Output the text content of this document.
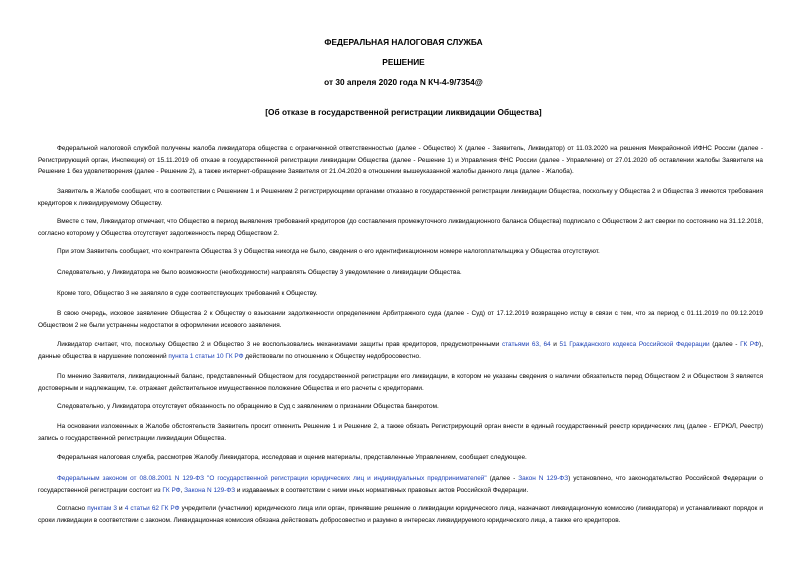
ФЕДЕРАЛЬНАЯ НАЛОГОВАЯ СЛУЖБА
РЕШЕНИЕ
от 30 апреля 2020 года N КЧ-4-9/7354@
[Об отказе в государственной регистрации ликвидации Общества]
Федеральной налоговой службой получены жалоба ликвидатора общества с ограниченной ответственностью (далее - Общество) Х (далее - Заявитель, Ликвидатор) от 11.03.2020 на решения Межрайонной ИФНС России (далее - Регистрирующий орган, Инспекция) от 15.11.2019 об отказе в государственной регистрации ликвидации Общества (далее - Решение 1) и Управления ФНС России (далее - Управление) от 27.01.2020 об оставлении жалобы Заявителя на Решение 1 без удовлетворения (далее - Решение 2), а также интернет-обращение Заявителя от 21.04.2020 в отношении вышеуказанной жалобы данного лица (далее - Жалоба).
Заявитель в Жалобе сообщает, что в соответствии с Решением 1 и Решением 2 регистрирующими органами отказано в государственной регистрации ликвидации Общества, поскольку у Общества 2 и Общества 3 имеются требования кредиторов к ликвидируемому Обществу.
Вместе с тем, Ликвидатор отмечает, что Общество в период выявления требований кредиторов (до составления промежуточного ликвидационного баланса Общества) подписало с Обществом 2 акт сверки по состоянию на 31.12.2018, согласно которому у Общества отсутствует задолженность перед Обществом 2.
При этом Заявитель сообщает, что контрагента Общества 3 у Общества никогда не было, сведения о его идентификационном номере налогоплательщика у Общества отсутствуют.
Следовательно, у Ликвидатора не было возможности (необходимости) направлять Обществу 3 уведомление о ликвидации Общества.
Кроме того, Общество 3 не заявляло в суде соответствующих требований к Обществу.
В свою очередь, исковое заявление Общества 2 к Обществу о взыскании задолженности определением Арбитражного суда (далее - Суд) от 17.12.2019 возвращено истцу в связи с тем, что за период с 01.11.2019 по 09.12.2019 Обществом 2 не были устранены недостатки в оформлении искового заявления.
Ликвидатор считает, что, поскольку Общество 2 и Общество 3 не воспользовались механизмами защиты прав кредиторов, предусмотренными статьями 63, 64 и 51 Гражданского кодекса Российской Федерации (далее - ГК РФ), данные общества в нарушение положений пункта 1 статьи 10 ГК РФ действовали по отношению к Обществу недобросовестно.
По мнению Заявителя, ликвидационный баланс, представленный Обществом для государственной регистрации его ликвидации, в котором не указаны сведения о наличии обязательств перед Обществом 2 и Обществом 3 является достоверным и надлежащим, т.е. отражает действительное имущественное положение Общества и его расчеты с кредиторами.
Следовательно, у Ликвидатора отсутствует обязанность по обращению в Суд с заявлением о признании Общества банкротом.
На основании изложенных в Жалобе обстоятельств Заявитель просит отменить Решение 1 и Решение 2, а также обязать Регистрирующий орган внести в единый государственный реестр юридических лиц (далее - ЕГРЮЛ, Реестр) запись о государственной регистрации ликвидации Общества.
Федеральная налоговая служба, рассмотрев Жалобу Ликвидатора, исследовав и оценив материалы, представленные Управлением, сообщает следующее.
Федеральным законом от 08.08.2001 N 129-ФЗ "О государственной регистрации юридических лиц и индивидуальных предпринимателей" (далее - Закон N 129-ФЗ) установлено, что законодательство Российской Федерации о государственной регистрации состоит из ГК РФ, Закона N 129-ФЗ и издаваемых в соответствии с ними иных нормативных правовых актов Российской Федерации.
Согласно пунктам 3 и 4 статьи 62 ГК РФ учредители (участники) юридического лица или орган, принявшие решение о ликвидации юридического лица, назначают ликвидационную комиссию (ликвидатора) и устанавливают порядок и сроки ликвидации в соответствии с законом. Ликвидационная комиссия обязана действовать добросовестно и разумно в интересах ликвидируемого юридического лица, а также его кредиторов.
